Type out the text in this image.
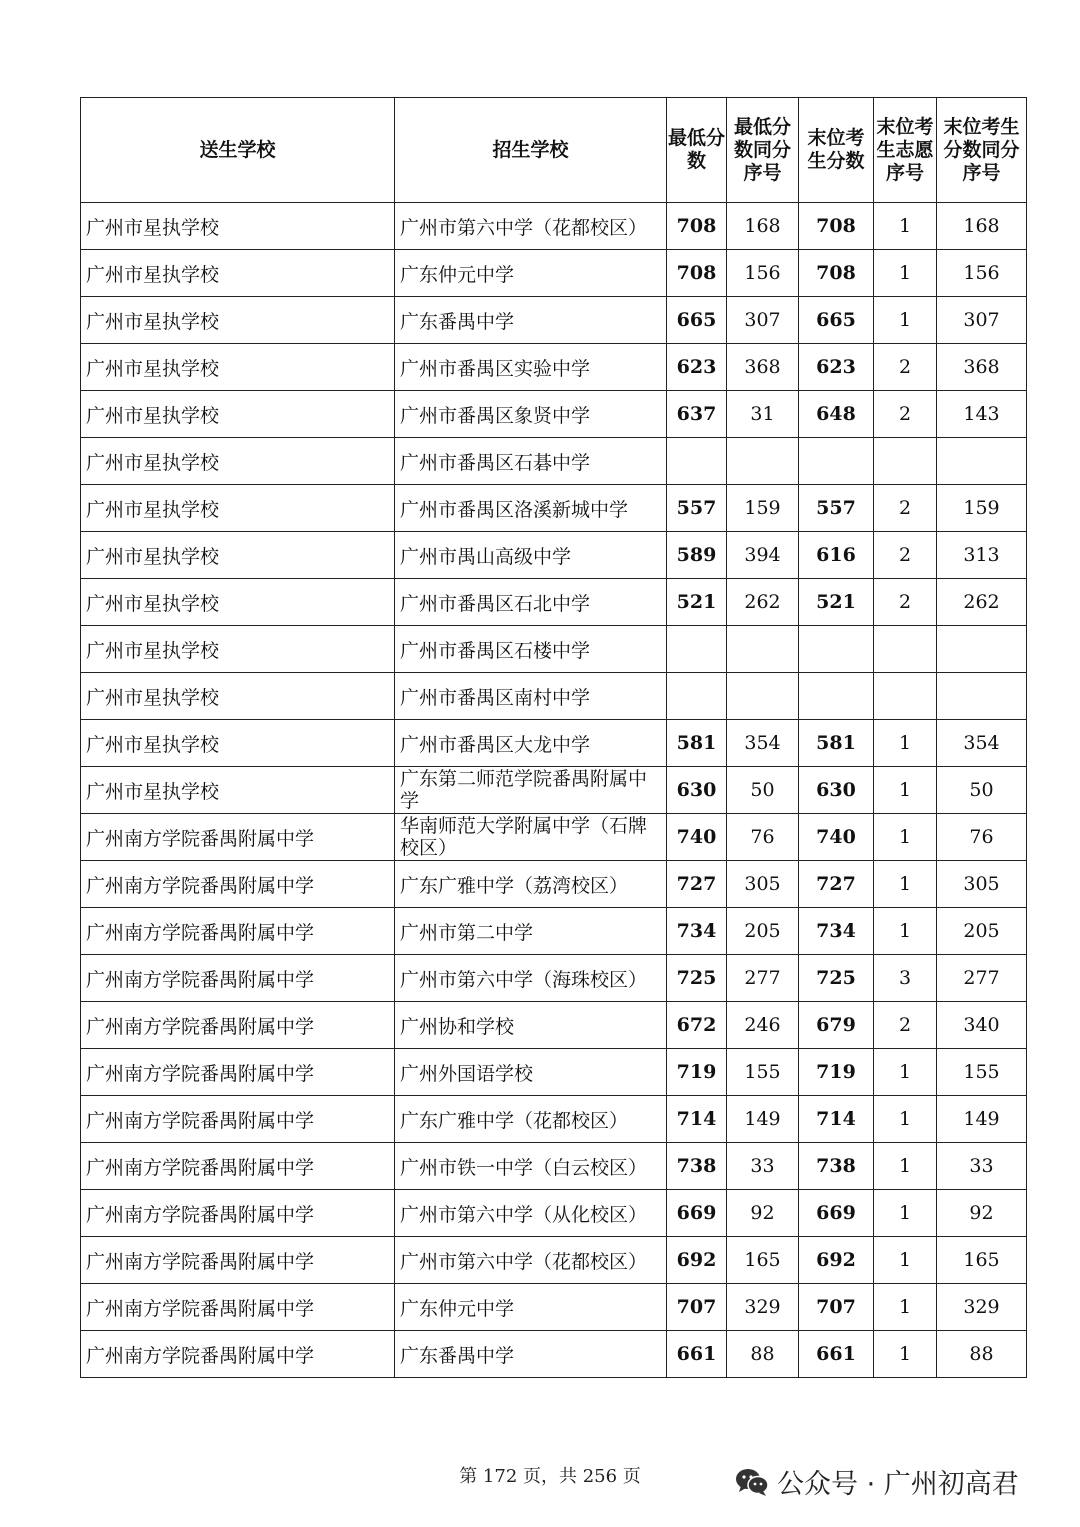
送生学校	招生学校	最低分数	最低分数同分序号	末位考生分数	末位考生志愿序号	末位考生分数同分序号
广州市星执学校	广州市第六中学（花都校区）	708	168	708	1	168
广州市星执学校	广东仲元中学	708	156	708	1	156
广州市星执学校	广东番禺中学	665	307	665	1	307
广州市星执学校	广州市番禺区实验中学	623	368	623	2	368
广州市星执学校	广州市番禺区象贤中学	637	31	648	2	143
广州市星执学校	广州市番禺区石碁中学					
广州市星执学校	广州市番禺区洛溪新城中学	557	159	557	2	159
广州市星执学校	广州市禺山高级中学	589	394	616	2	313
广州市星执学校	广州市番禺区石北中学	521	262	521	2	262
广州市星执学校	广州市番禺区石楼中学					
广州市星执学校	广州市番禺区南村中学					
广州市星执学校	广州市番禺区大龙中学	581	354	581	1	354
广州市星执学校	广东第二师范学院番禺附属中学	630	50	630	1	50
广州南方学院番禺附属中学	华南师范大学附属中学（石牌校区）	740	76	740	1	76
广州南方学院番禺附属中学	广东广雅中学（荔湾校区）	727	305	727	1	305
广州南方学院番禺附属中学	广州市第二中学	734	205	734	1	205
广州南方学院番禺附属中学	广州市第六中学（海珠校区）	725	277	725	3	277
广州南方学院番禺附属中学	广州协和学校	672	246	679	2	340
广州南方学院番禺附属中学	广州外国语学校	719	155	719	1	155
广州南方学院番禺附属中学	广东广雅中学（花都校区）	714	149	714	1	149
广州南方学院番禺附属中学	广州市铁一中学（白云校区）	738	33	738	1	33
广州南方学院番禺附属中学	广州市第六中学（从化校区）	669	92	669	1	92
广州南方学院番禺附属中学	广州市第六中学（花都校区）	692	165	692	1	165
广州南方学院番禺附属中学	广东仲元中学	707	329	707	1	329
广州南方学院番禺附属中学	广东番禺中学	661	88	661	1	88
第 172 页，共 256 页	公众号 · 广州初高君
